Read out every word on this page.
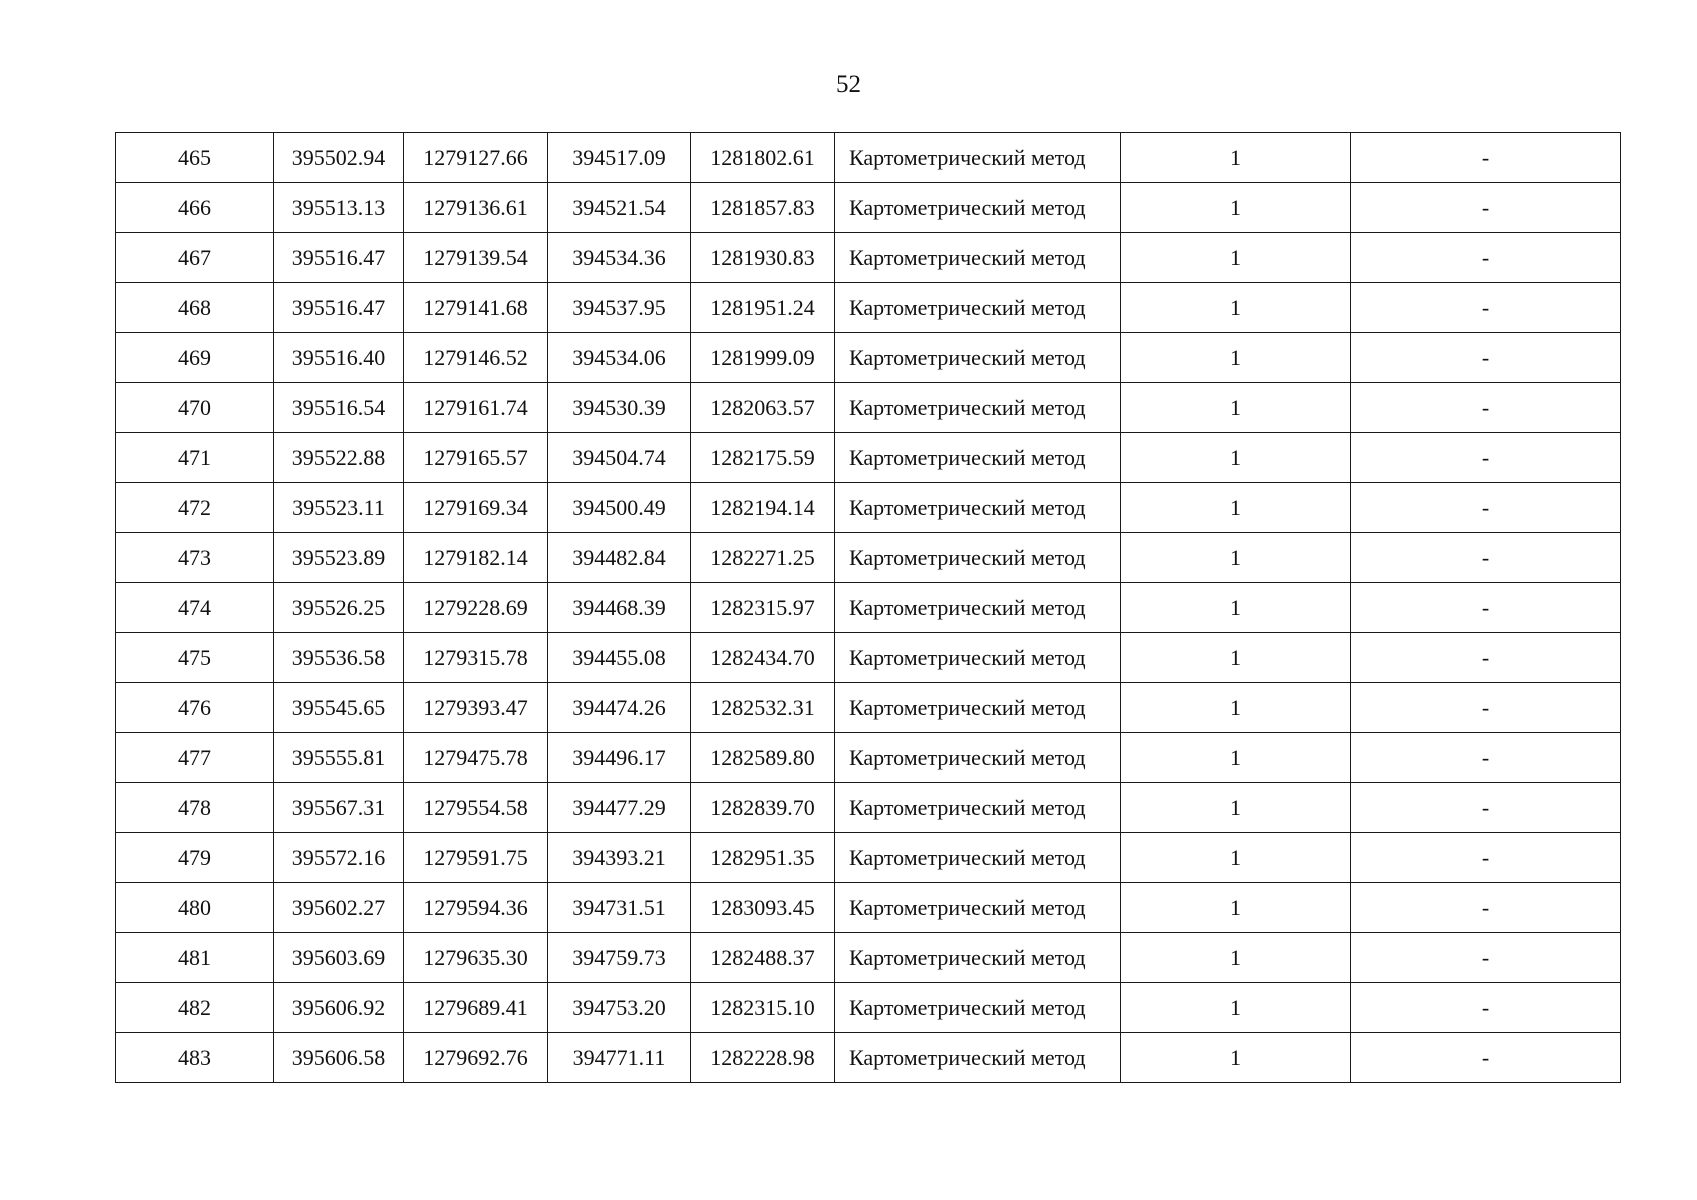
52
465	395502.94	1279127.66	394517.09	1281802.61	Картометрический метод	1	-
466	395513.13	1279136.61	394521.54	1281857.83	Картометрический метод	1	-
467	395516.47	1279139.54	394534.36	1281930.83	Картометрический метод	1	-
468	395516.47	1279141.68	394537.95	1281951.24	Картометрический метод	1	-
469	395516.40	1279146.52	394534.06	1281999.09	Картометрический метод	1	-
470	395516.54	1279161.74	394530.39	1282063.57	Картометрический метод	1	-
471	395522.88	1279165.57	394504.74	1282175.59	Картометрический метод	1	-
472	395523.11	1279169.34	394500.49	1282194.14	Картометрический метод	1	-
473	395523.89	1279182.14	394482.84	1282271.25	Картометрический метод	1	-
474	395526.25	1279228.69	394468.39	1282315.97	Картометрический метод	1	-
475	395536.58	1279315.78	394455.08	1282434.70	Картометрический метод	1	-
476	395545.65	1279393.47	394474.26	1282532.31	Картометрический метод	1	-
477	395555.81	1279475.78	394496.17	1282589.80	Картометрический метод	1	-
478	395567.31	1279554.58	394477.29	1282839.70	Картометрический метод	1	-
479	395572.16	1279591.75	394393.21	1282951.35	Картометрический метод	1	-
480	395602.27	1279594.36	394731.51	1283093.45	Картометрический метод	1	-
481	395603.69	1279635.30	394759.73	1282488.37	Картометрический метод	1	-
482	395606.92	1279689.41	394753.20	1282315.10	Картометрический метод	1	-
483	395606.58	1279692.76	394771.11	1282228.98	Картометрический метод	1	-
